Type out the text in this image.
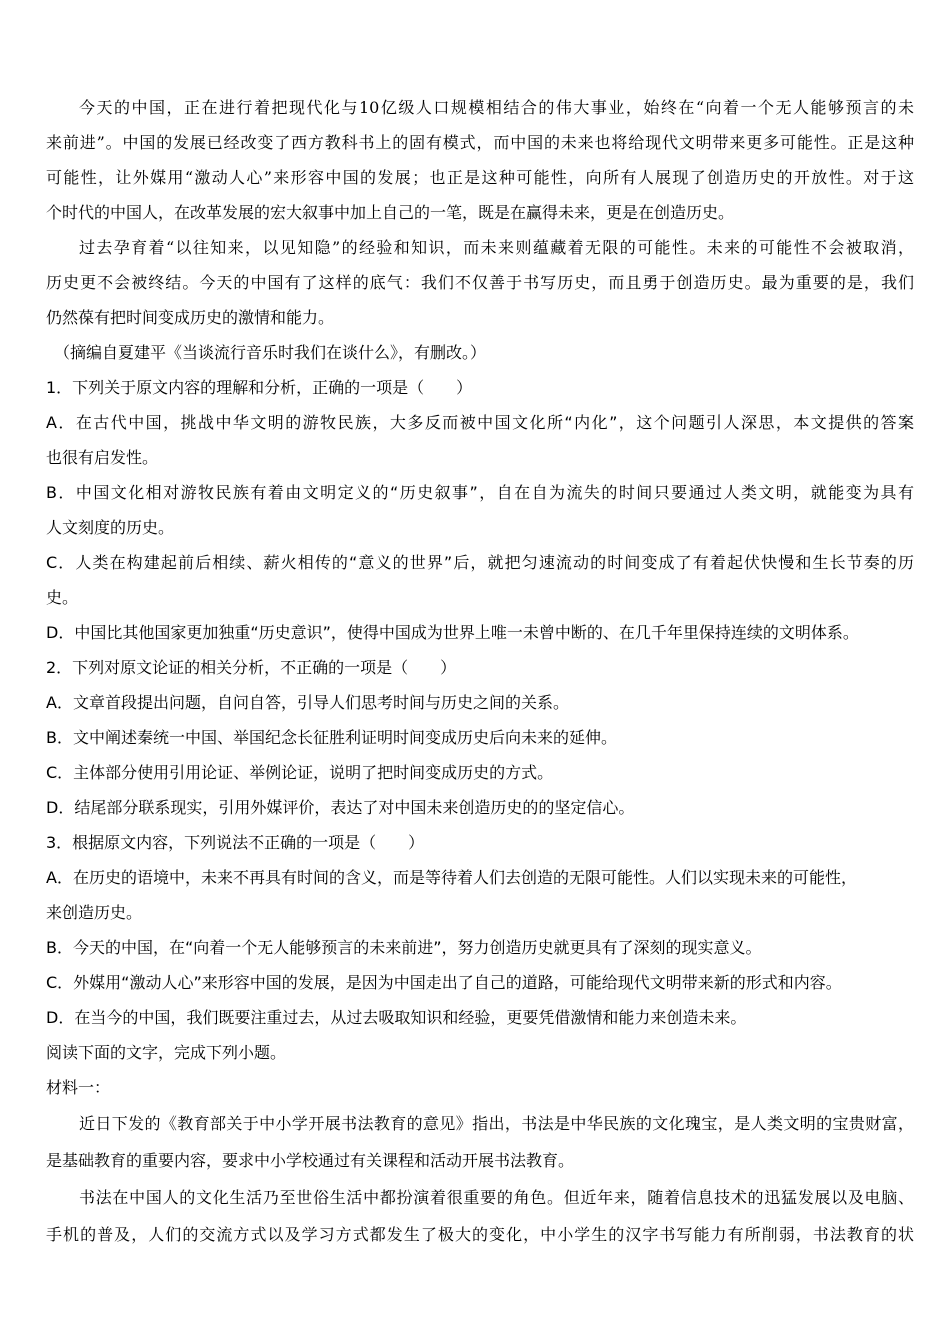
今天的中国，正在进行着把现代化与10亿级人口规模相结合的伟大事业，始终在“向着一个无人能够预言的未
来前进”。中国的发展已经改变了西方教科书上的固有模式，而中国的未来也将给现代文明带来更多可能性。正是这种
可能性，让外媒用“激动人心”来形容中国的发展；也正是这种可能性，向所有人展现了创造历史的开放性。对于这
个时代的中国人，在改革发展的宏大叙事中加上自己的一笔，既是在赢得未来，更是在创造历史。
过去孕育着“以往知来，以见知隐”的经验和知识，而未来则蕴藏着无限的可能性。未来的可能性不会被取消，
历史更不会被终结。今天的中国有了这样的底气：我们不仅善于书写历史，而且勇于创造历史。最为重要的是，我们
仍然葆有把时间变成历史的激情和能力。
（摘编自夏建平《当谈流行音乐时我们在谈什么》，有删改。）
1．下列关于原文内容的理解和分析，正确的一项是（　　）
A．在古代中国，挑战中华文明的游牧民族，大多反而被中国文化所“内化”，这个问题引人深思，本文提供的答案
也很有启发性。
B．中国文化相对游牧民族有着由文明定义的“历史叙事”，自在自为流失的时间只要通过人类文明，就能变为具有
人文刻度的历史。
C．人类在构建起前后相续、薪火相传的“意义的世界”后，就把匀速流动的时间变成了有着起伏快慢和生长节奏的历
史。
D．中国比其他国家更加独重“历史意识”，使得中国成为世界上唯一未曾中断的、在几千年里保持连续的文明体系。
2．下列对原文论证的相关分析，不正确的一项是（　　）
A．文章首段提出问题，自问自答，引导人们思考时间与历史之间的关系。
B．文中阐述秦统一中国、举国纪念长征胜利证明时间变成历史后向未来的延伸。
C．主体部分使用引用论证、举例论证，说明了把时间变成历史的方式。
D．结尾部分联系现实，引用外媒评价，表达了对中国未来创造历史的的坚定信心。
3．根据原文内容，下列说法不正确的一项是（　　）
A．在历史的语境中，未来不再具有时间的含义，而是等待着人们去创造的无限可能性。人们以实现未来的可能性，
来创造历史。
B．今天的中国，在“向着一个无人能够预言的未来前进”，努力创造历史就更具有了深刻的现实意义。
C．外媒用“激动人心”来形容中国的发展，是因为中国走出了自己的道路，可能给现代文明带来新的形式和内容。
D．在当今的中国，我们既要注重过去，从过去吸取知识和经验，更要凭借激情和能力来创造未来。
阅读下面的文字，完成下列小题。
材料一：
近日下发的《教育部关于中小学开展书法教育的意见》指出，书法是中华民族的文化瑰宝，是人类文明的宝贵财富，
是基础教育的重要内容，要求中小学校通过有关课程和活动开展书法教育。
书法在中国人的文化生活乃至世俗生活中都扮演着很重要的角色。但近年来，随着信息技术的迅猛发展以及电脑、
手机的普及，人们的交流方式以及学习方式都发生了极大的变化，中小学生的汉字书写能力有所削弱，书法教育的状
